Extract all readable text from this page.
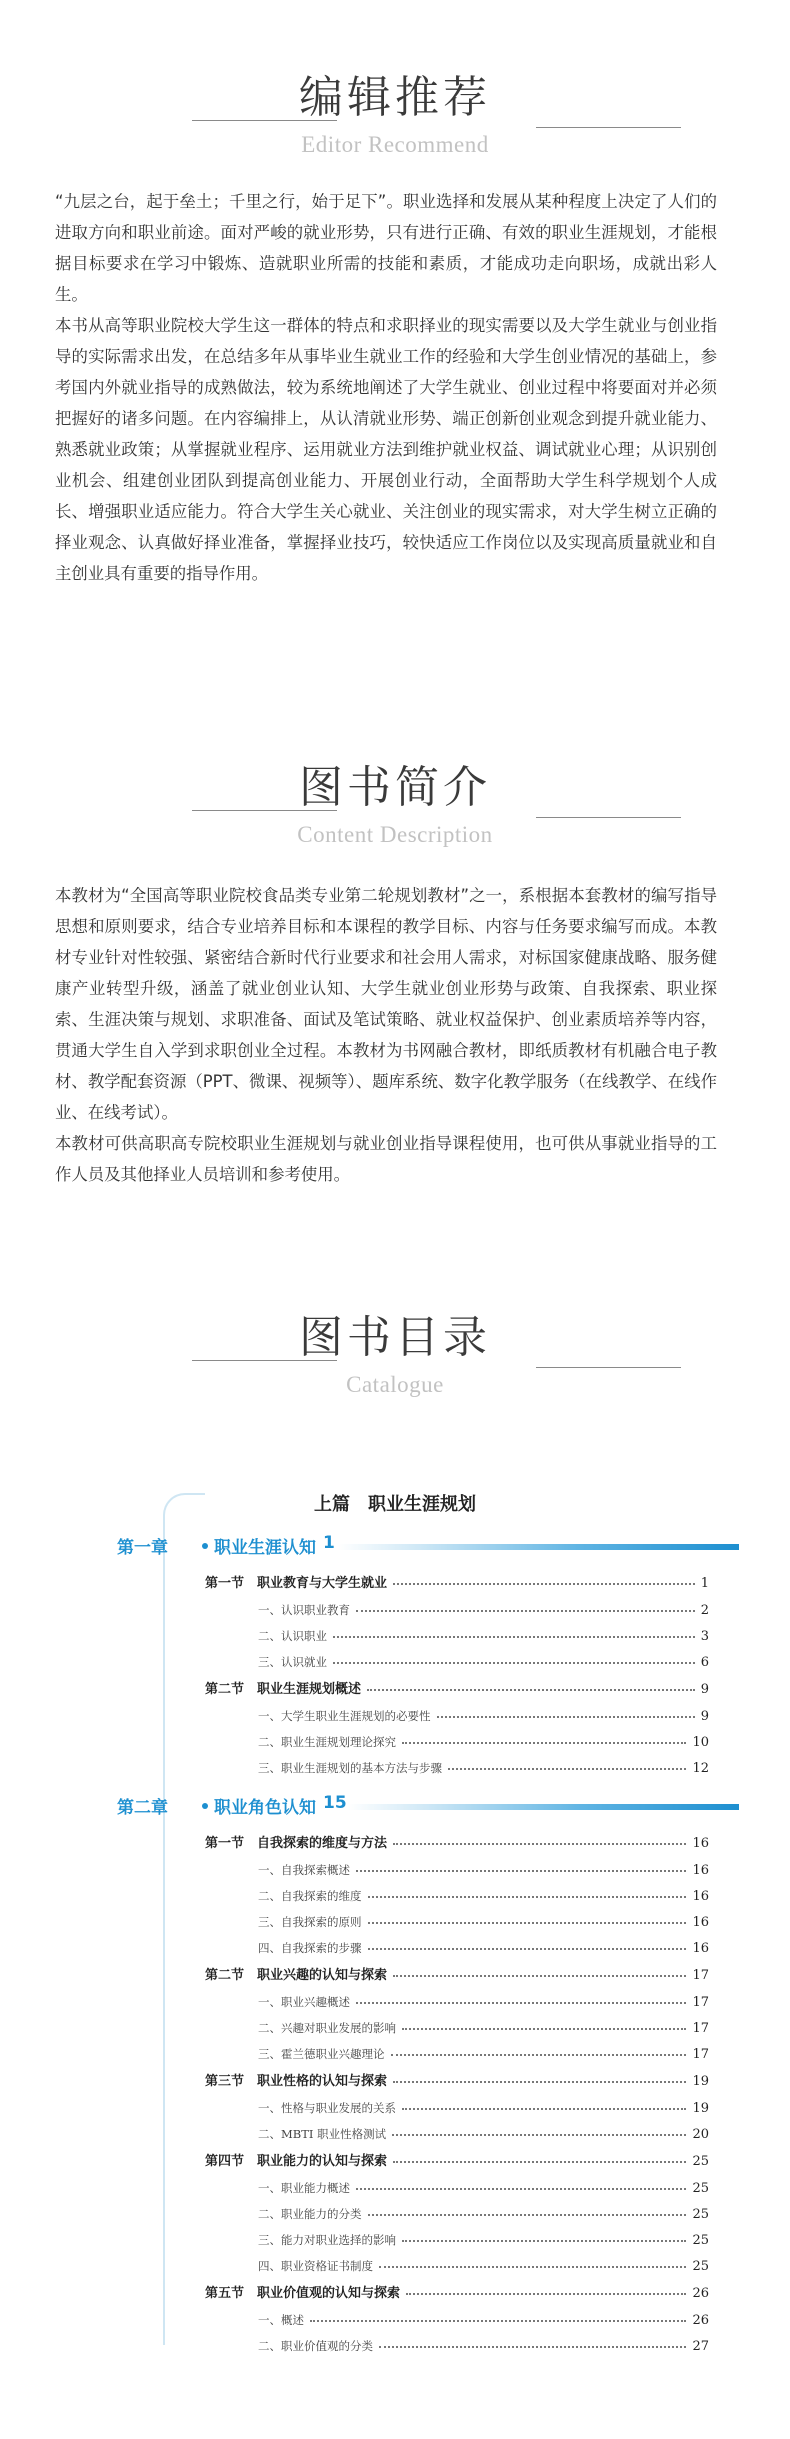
编辑推荐
Editor Recommend

“九层之台，起于垒土；千里之行，始于足下”。职业选择和发展从某种程度上决定了人们的进取方向和职业前途。面对严峻的就业形势，只有进行正确、有效的职业生涯规划，才能根据目标要求在学习中锻炼、造就职业所需的技能和素质，才能成功走向职场，成就出彩人生。

本书从高等职业院校大学生这一群体的特点和求职择业的现实需要以及大学生就业与创业指导的实际需求出发，在总结多年从事毕业生就业工作的经验和大学生创业情况的基础上，参考国内外就业指导的成熟做法，较为系统地阐述了大学生就业、创业过程中将要面对并必须把握好的诸多问题。在内容编排上，从认清就业形势、端正创新创业观念到提升就业能力、熟悉就业政策；从掌握就业程序、运用就业方法到维护就业权益、调试就业心理；从识别创业机会、组建创业团队到提高创业能力、开展创业行动，全面帮助大学生科学规划个人成长、增强职业适应能力。符合大学生关心就业、关注创业的现实需求，对大学生树立正确的择业观念、认真做好择业准备，掌握择业技巧，较快适应工作岗位以及实现高质量就业和自主创业具有重要的指导作用。

图书简介
Content Description

本教材为“全国高等职业院校食品类专业第二轮规划教材”之一，系根据本套教材的编写指导思想和原则要求，结合专业培养目标和本课程的教学目标、内容与任务要求编写而成。本教材专业针对性较强、紧密结合新时代行业要求和社会用人需求，对标国家健康战略、服务健康产业转型升级，涵盖了就业创业认知、大学生就业创业形势与政策、自我探索、职业探索、生涯决策与规划、求职准备、面试及笔试策略、就业权益保护、创业素质培养等内容，贯通大学生自入学到求职创业全过程。本教材为书网融合教材，即纸质教材有机融合电子教材、教学配套资源（PPT、微课、视频等）、题库系统、数字化教学服务（在线教学、在线作业、在线考试）。

本教材可供高职高专院校职业生涯规划与就业创业指导课程使用，也可供从事就业指导的工作人员及其他择业人员培训和参考使用。

图书目录
Catalogue
上篇　职业生涯规划
第一章	职业生涯认知 1
第一节 职业教育与大学生就业	1
一、认识职业教育	2
二、认识职业	3
三、认识就业	6
第二节 职业生涯规划概述	9
一、大学生职业生涯规划的必要性	9
二、职业生涯规划理论探究	10
三、职业生涯规划的基本方法与步骤	12
第二章	职业角色认知 15
第一节 自我探索的维度与方法	16
一、自我探索概述	16
二、自我探索的维度	16
三、自我探索的原则	16
四、自我探索的步骤	16
第二节 职业兴趣的认知与探索	17
一、职业兴趣概述	17
二、兴趣对职业发展的影响	17
三、霍兰德职业兴趣理论	17
第三节 职业性格的认知与探索	19
一、性格与职业发展的关系	19
二、MBTI 职业性格测试	20
第四节 职业能力的认知与探索	25
一、职业能力概述	25
二、职业能力的分类	25
三、能力对职业选择的影响	25
四、职业资格证书制度	25
第五节 职业价值观的认知与探索	26
一、概述	26
二、职业价值观的分类	27
